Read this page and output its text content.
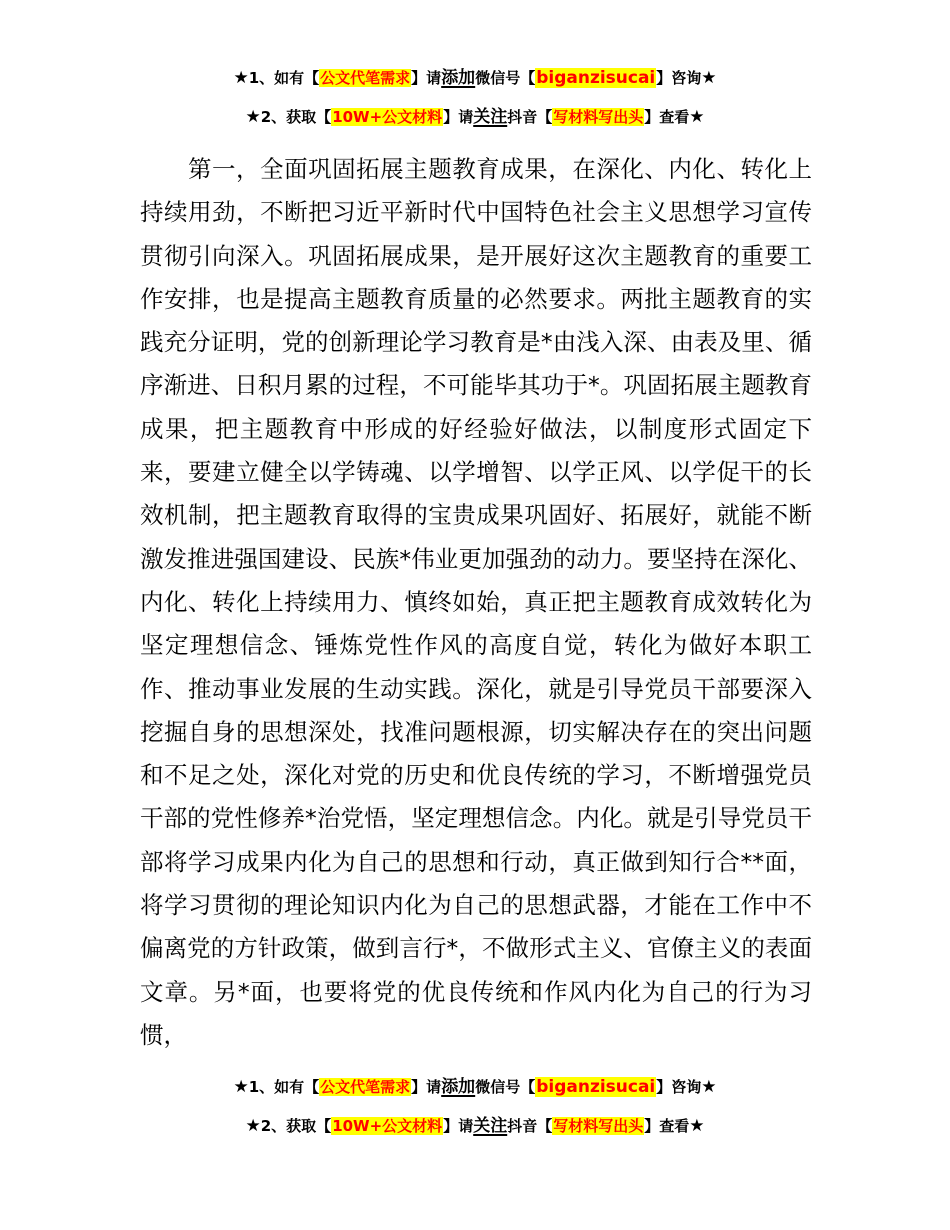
★1、如有【公文代笔需求】请添加微信号【biganzisucai】咨询★
★2、获取【10W+公文材料】请关注抖音【写材料写出头】查看★

第一，全面巩固拓展主题教育成果，在深化、内化、转化上持续用劲，不断把习近平新时代中国特色社会主义思想学习宣传贯彻引向深入。巩固拓展成果，是开展好这次主题教育的重要工作安排，也是提高主题教育质量的必然要求。两批主题教育的实践充分证明，党的创新理论学习教育是*由浅入深、由表及里、循序渐进、日积月累的过程，不可能毕其功于*。巩固拓展主题教育成果，把主题教育中形成的好经验好做法，以制度形式固定下来，要建立健全以学铸魂、以学增智、以学正风、以学促干的长效机制，把主题教育取得的宝贵成果巩固好、拓展好，就能不断激发推进强国建设、民族*伟业更加强劲的动力。要坚持在深化、内化、转化上持续用力、慎终如始，真正把主题教育成效转化为坚定理想信念、锤炼党性作风的高度自觉，转化为做好本职工作、推动事业发展的生动实践。深化，就是引导党员干部要深入挖掘自身的思想深处，找准问题根源，切实解决存在的突出问题和不足之处，深化对党的历史和优良传统的学习，不断增强党员干部的党性修养*治党悟，坚定理想信念。内化。就是引导党员干部将学习成果内化为自己的思想和行动，真正做到知行合**面，将学习贯彻的理论知识内化为自己的思想武器，才能在工作中不偏离党的方针政策，做到言行*，不做形式主义、官僚主义的表面文章。另*面，也要将党的优良传统和作风内化为自己的行为习惯，

★1、如有【公文代笔需求】请添加微信号【biganzisucai】咨询★
★2、获取【10W+公文材料】请关注抖音【写材料写出头】查看★
